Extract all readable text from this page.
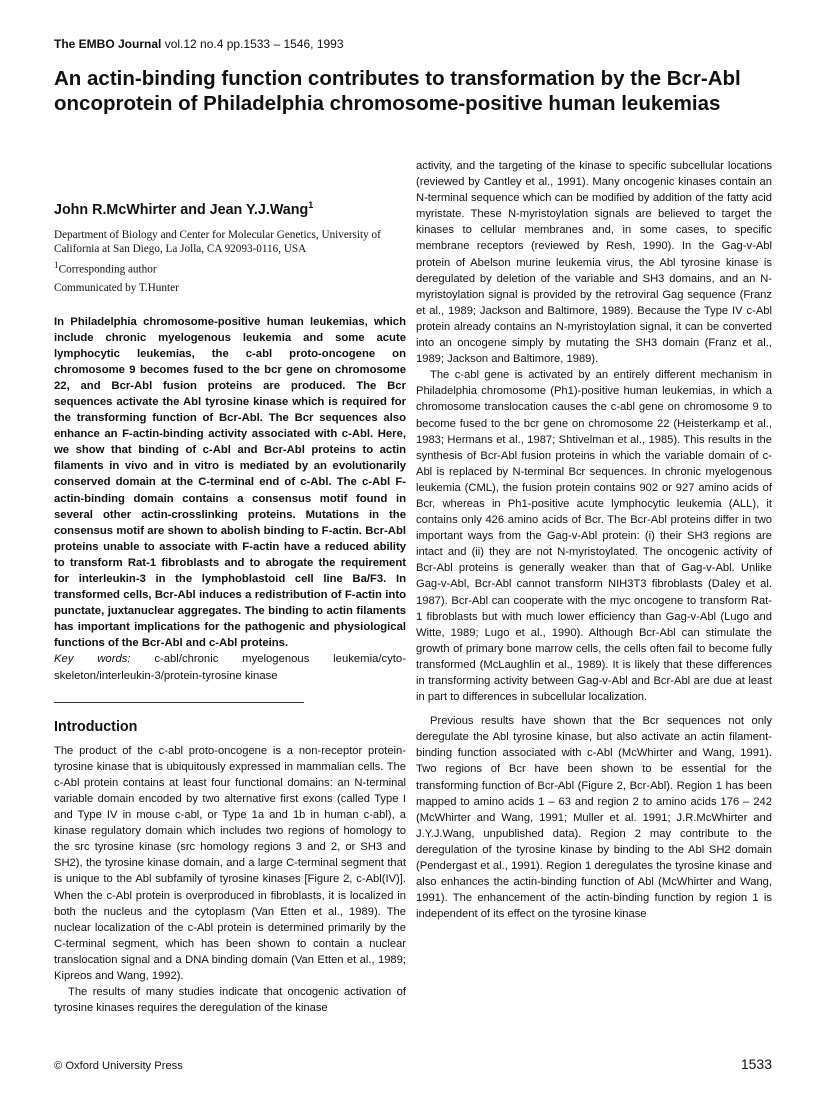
The EMBO Journal vol.12 no.4 pp.1533 – 1546, 1993
An actin-binding function contributes to transformation by the Bcr-Abl oncoprotein of Philadelphia chromosome-positive human leukemias

John R.McWhirter and Jean Y.J.Wang$^1$

Department of Biology and Center for Molecular Genetics, University of California at San Diego, La Jolla, CA 92093-0116, USA

$^1$Corresponding author

Communicated by T.Hunter

In Philadelphia chromosome-positive human leukemias, which include chronic myelogenous leukemia and some acute lymphocytic leukemias, the c-abl proto-oncogene on chromosome 9 becomes fused to the bcr gene on chromosome 22, and Bcr-Abl fusion proteins are produced. The Bcr sequences activate the Abl tyrosine kinase which is required for the transforming function of Bcr-Abl. The Bcr sequences also enhance an F-actin-binding activity associated with c-Abl. Here, we show that binding of c-Abl and Bcr-Abl proteins to actin filaments in vivo and in vitro is mediated by an evolutionarily conserved domain at the C-terminal end of c-Abl. The c-Abl F-actin-binding domain contains a consensus motif found in several other actin-crosslinking proteins. Mutations in the consensus motif are shown to abolish binding to F-actin. Bcr-Abl proteins unable to associate with F-actin have a reduced ability to transform Rat-1 fibroblasts and to abrogate the requirement for interleukin-3 in the lymphoblastoid cell line Ba/F3. In transformed cells, Bcr-Abl induces a redistribution of F-actin into punctate, juxtanuclear aggregates. The binding to actin filaments has important implications for the pathogenic and physiological functions of the Bcr-Abl and c-Abl proteins.

Key words: c-abl/chronic myelogenous leukemia/cyto-skeleton/interleukin-3/protein-tyrosine kinase

Introduction

The product of the c-abl proto-oncogene is a non-receptor protein-tyrosine kinase that is ubiquitously expressed in mammalian cells. The c-Abl protein contains at least four functional domains: an N-terminal variable domain encoded by two alternative first exons (called Type I and Type IV in mouse c-abl, or Type 1a and 1b in human c-abl), a kinase regulatory domain which includes two regions of homology to the src tyrosine kinase (src homology regions 3 and 2, or SH3 and SH2), the tyrosine kinase domain, and a large C-terminal segment that is unique to the Abl subfamily of tyrosine kinases [Figure 2, c-Abl(IV)]. When the c-Abl protein is overproduced in fibroblasts, it is localized in both the nucleus and the cytoplasm (Van Etten et al., 1989). The nuclear localization of the c-Abl protein is determined primarily by the C-terminal segment, which has been shown to contain a nuclear translocation signal and a DNA binding domain (Van Etten et al., 1989; Kipreos and Wang, 1992).

The results of many studies indicate that oncogenic activation of tyrosine kinases requires the deregulation of the kinase

activity, and the targeting of the kinase to specific subcellular locations (reviewed by Cantley et al., 1991). Many oncogenic kinases contain an N-terminal sequence which can be modified by addition of the fatty acid myristate. These N-myristoylation signals are believed to target the kinases to cellular membranes and, in some cases, to specific membrane receptors (reviewed by Resh, 1990). In the Gag-v-Abl protein of Abelson murine leukemia virus, the Abl tyrosine kinase is deregulated by deletion of the variable and SH3 domains, and an N-myristoylation signal is provided by the retroviral Gag sequence (Franz et al., 1989; Jackson and Baltimore, 1989). Because the Type IV c-Abl protein already contains an N-myristoylation signal, it can be converted into an oncogene simply by mutating the SH3 domain (Franz et al., 1989; Jackson and Baltimore, 1989).

The c-abl gene is activated by an entirely different mechanism in Philadelphia chromosome (Ph1)-positive human leukemias, in which a chromosome translocation causes the c-abl gene on chromosome 9 to become fused to the bcr gene on chromosome 22 (Heisterkamp et al., 1983; Hermans et al., 1987; Shtivelman et al., 1985). This results in the synthesis of Bcr-Abl fusion proteins in which the variable domain of c-Abl is replaced by N-terminal Bcr sequences. In chronic myelogenous leukemia (CML), the fusion protein contains 902 or 927 amino acids of Bcr, whereas in Ph1-positive acute lymphocytic leukemia (ALL), it contains only 426 amino acids of Bcr. The Bcr-Abl proteins differ in two important ways from the Gag-v-Abl protein: (i) their SH3 regions are intact and (ii) they are not N-myristoylated. The oncogenic activity of Bcr-Abl proteins is generally weaker than that of Gag-v-Abl. Unlike Gag-v-Abl, Bcr-Abl cannot transform NIH3T3 fibroblasts (Daley et al. 1987). Bcr-Abl can cooperate with the myc oncogene to transform Rat-1 fibroblasts but with much lower efficiency than Gag-v-Abl (Lugo and Witte, 1989; Lugo et al., 1990). Although Bcr-Abl can stimulate the growth of primary bone marrow cells, the cells often fail to become fully transformed (McLaughlin et al., 1989). It is likely that these differences in transforming activity between Gag-v-Abl and Bcr-Abl are due at least in part to differences in subcellular localization.

Previous results have shown that the Bcr sequences not only deregulate the Abl tyrosine kinase, but also activate an actin filament-binding function associated with c-Abl (McWhirter and Wang, 1991). Two regions of Bcr have been shown to be essential for the transforming function of Bcr-Abl (Figure 2, Bcr-Abl). Region 1 has been mapped to amino acids 1 – 63 and region 2 to amino acids 176 – 242 (McWhirter and Wang, 1991; Muller et al. 1991; J.R.McWhirter and J.Y.J.Wang, unpublished data). Region 2 may contribute to the deregulation of the tyrosine kinase by binding to the Abl SH2 domain (Pendergast et al., 1991). Region 1 deregulates the tyrosine kinase and also enhances the actin-binding function of Abl (McWhirter and Wang, 1991). The enhancement of the actin-binding function by region 1 is independent of its effect on the tyrosine kinase

© Oxford University Press	1533
